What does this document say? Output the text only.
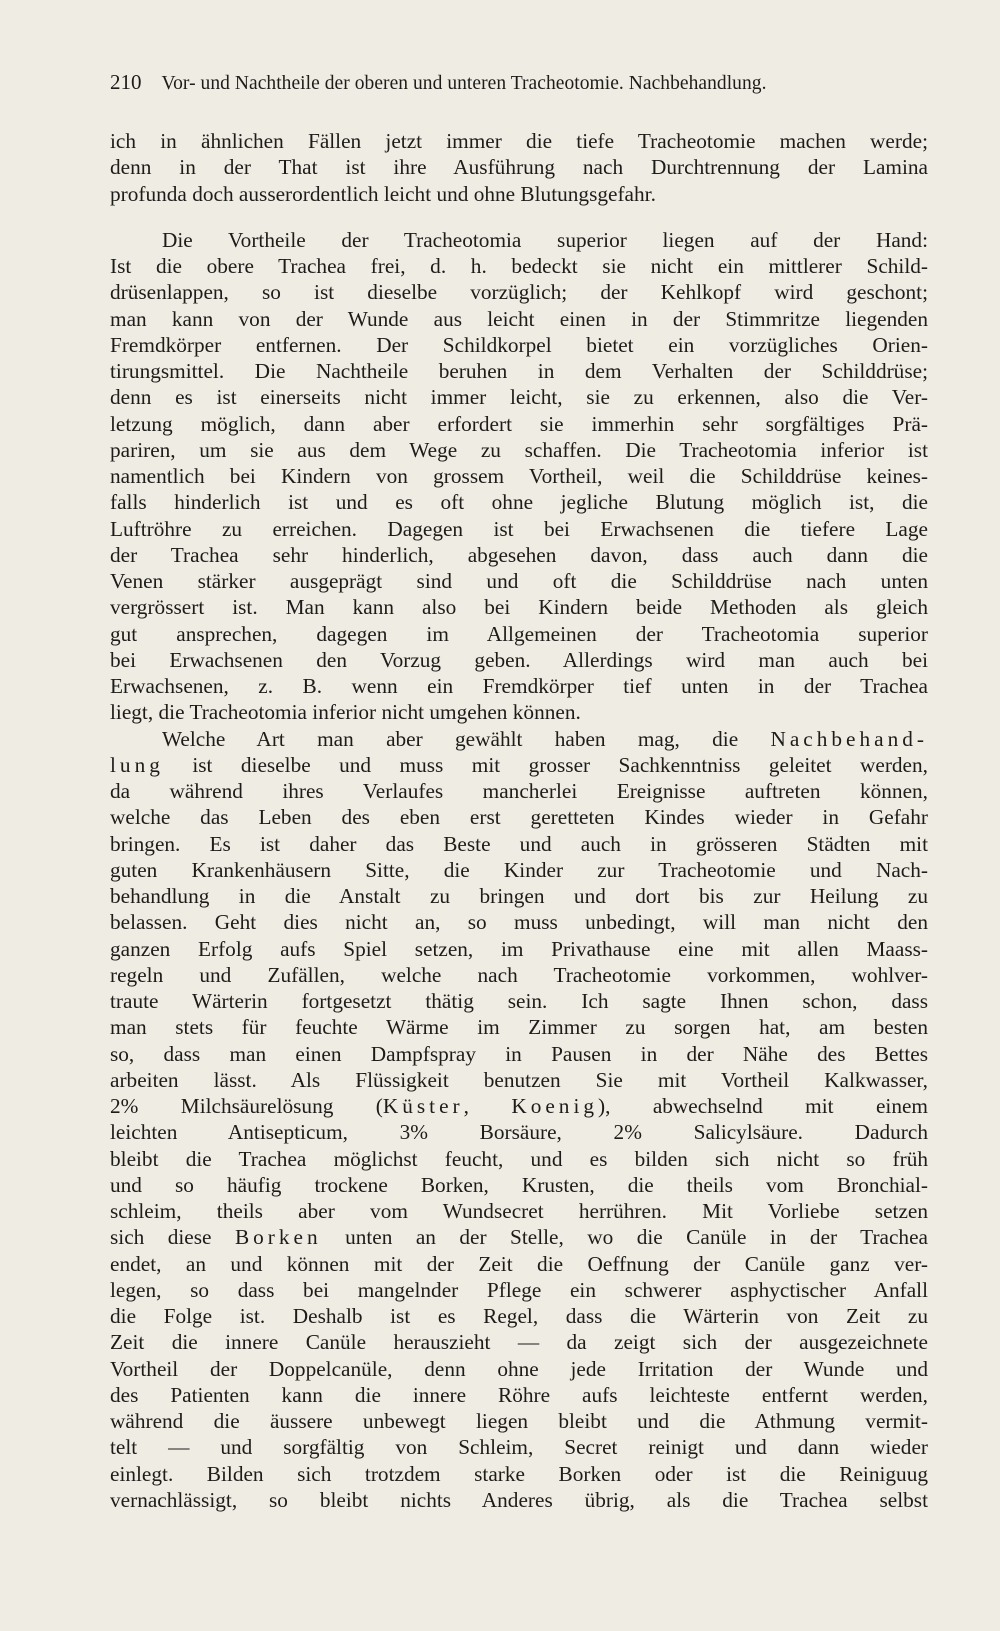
210 Vor- und Nachtheile der oberen und unteren Tracheotomie. Nachbehandlung.
ich in ähnlichen Fällen jetzt immer die tiefe Tracheotomie machen werde;
denn in der That ist ihre Ausführung nach Durchtrennung der Lamina
profunda doch ausserordentlich leicht und ohne Blutungsgefahr.
Die Vortheile der Tracheotomia superior liegen auf der Hand:
Ist die obere Trachea frei, d. h. bedeckt sie nicht ein mittlerer Schild-
drüsenlappen, so ist dieselbe vorzüglich; der Kehlkopf wird geschont;
man kann von der Wunde aus leicht einen in der Stimmritze liegenden
Fremdkörper entfernen. Der Schildkorpel bietet ein vorzügliches Orien-
tirungsmittel. Die Nachtheile beruhen in dem Verhalten der Schilddrüse;
denn es ist einerseits nicht immer leicht, sie zu erkennen, also die Ver-
letzung möglich, dann aber erfordert sie immerhin sehr sorgfältiges Prä-
pariren, um sie aus dem Wege zu schaffen. Die Tracheotomia inferior ist
namentlich bei Kindern von grossem Vortheil, weil die Schilddrüse keines-
falls hinderlich ist und es oft ohne jegliche Blutung möglich ist, die
Luftröhre zu erreichen. Dagegen ist bei Erwachsenen die tiefere Lage
der Trachea sehr hinderlich, abgesehen davon, dass auch dann die
Venen stärker ausgeprägt sind und oft die Schilddrüse nach unten
vergrössert ist. Man kann also bei Kindern beide Methoden als gleich
gut ansprechen, dagegen im Allgemeinen der Tracheotomia superior
bei Erwachsenen den Vorzug geben. Allerdings wird man auch bei
Erwachsenen, z. B. wenn ein Fremdkörper tief unten in der Trachea
liegt, die Tracheotomia inferior nicht umgehen können.
Welche Art man aber gewählt haben mag, die Nachbehand-
lung ist dieselbe und muss mit grosser Sachkenntniss geleitet werden,
da während ihres Verlaufes mancherlei Ereignisse auftreten können,
welche das Leben des eben erst geretteten Kindes wieder in Gefahr
bringen. Es ist daher das Beste und auch in grösseren Städten mit
guten Krankenhäusern Sitte, die Kinder zur Tracheotomie und Nach-
behandlung in die Anstalt zu bringen und dort bis zur Heilung zu
belassen. Geht dies nicht an, so muss unbedingt, will man nicht den
ganzen Erfolg aufs Spiel setzen, im Privathause eine mit allen Maass-
regeln und Zufällen, welche nach Tracheotomie vorkommen, wohlver-
traute Wärterin fortgesetzt thätig sein. Ich sagte Ihnen schon, dass
man stets für feuchte Wärme im Zimmer zu sorgen hat, am besten
so, dass man einen Dampfspray in Pausen in der Nähe des Bettes
arbeiten lässt. Als Flüssigkeit benutzen Sie mit Vortheil Kalkwasser,
2% Milchsäurelösung (Küster, Koenig), abwechselnd mit einem
leichten Antisepticum, 3% Borsäure, 2% Salicylsäure. Dadurch
bleibt die Trachea möglichst feucht, und es bilden sich nicht so früh
und so häufig trockene Borken, Krusten, die theils vom Bronchial-
schleim, theils aber vom Wundsecret herrühren. Mit Vorliebe setzen
sich diese Borken unten an der Stelle, wo die Canüle in der Trachea
endet, an und können mit der Zeit die Oeffnung der Canüle ganz ver-
legen, so dass bei mangelnder Pflege ein schwerer asphyctischer Anfall
die Folge ist. Deshalb ist es Regel, dass die Wärterin von Zeit zu
Zeit die innere Canüle herauszieht — da zeigt sich der ausgezeichnete
Vortheil der Doppelcanüle, denn ohne jede Irritation der Wunde und
des Patienten kann die innere Röhre aufs leichteste entfernt werden,
während die äussere unbewegt liegen bleibt und die Athmung vermit-
telt — und sorgfältig von Schleim, Secret reinigt und dann wieder
einlegt. Bilden sich trotzdem starke Borken oder ist die Reiniguug
vernachlässigt, so bleibt nichts Anderes übrig, als die Trachea selbst
